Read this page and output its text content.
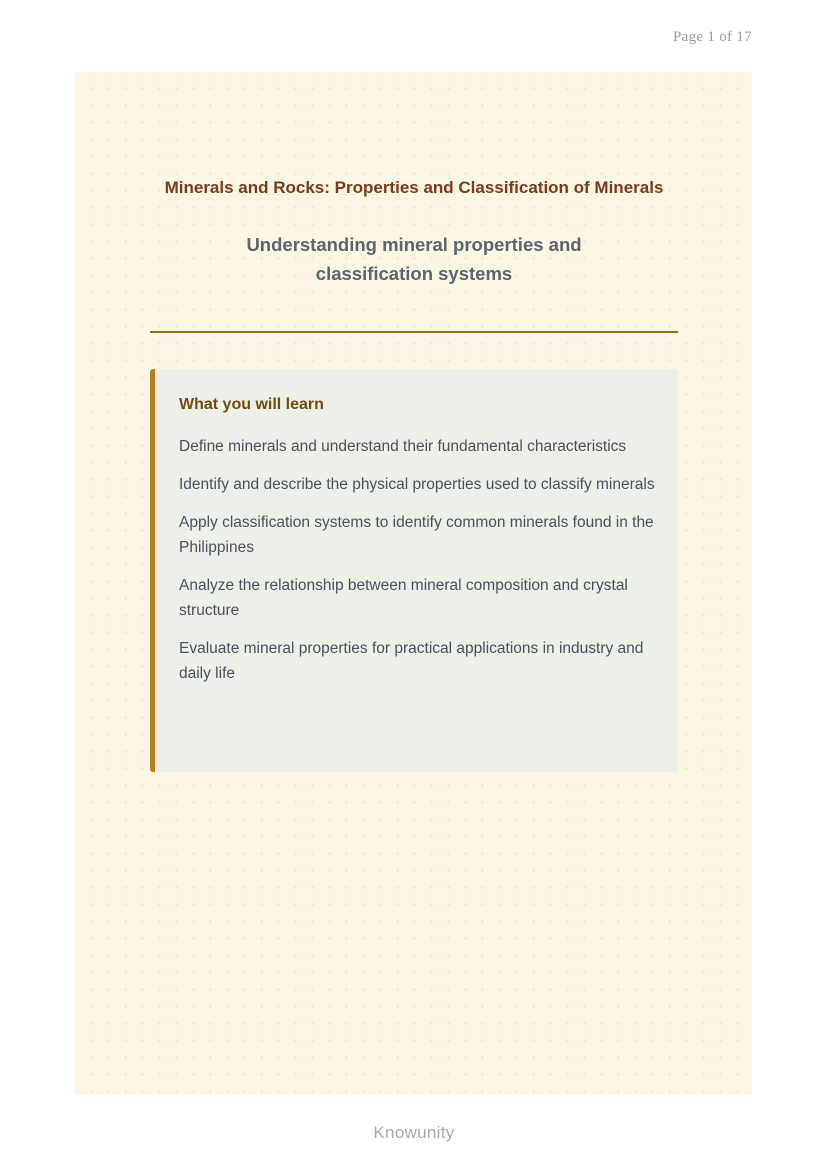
Page 1 of 17
Minerals and Rocks: Properties and Classification of Minerals
Understanding mineral properties and classification systems
What you will learn

Define minerals and understand their fundamental characteristics

Identify and describe the physical properties used to classify minerals

Apply classification systems to identify common minerals found in the Philippines

Analyze the relationship between mineral composition and crystal structure

Evaluate mineral properties for practical applications in industry and daily life

Knowunity
